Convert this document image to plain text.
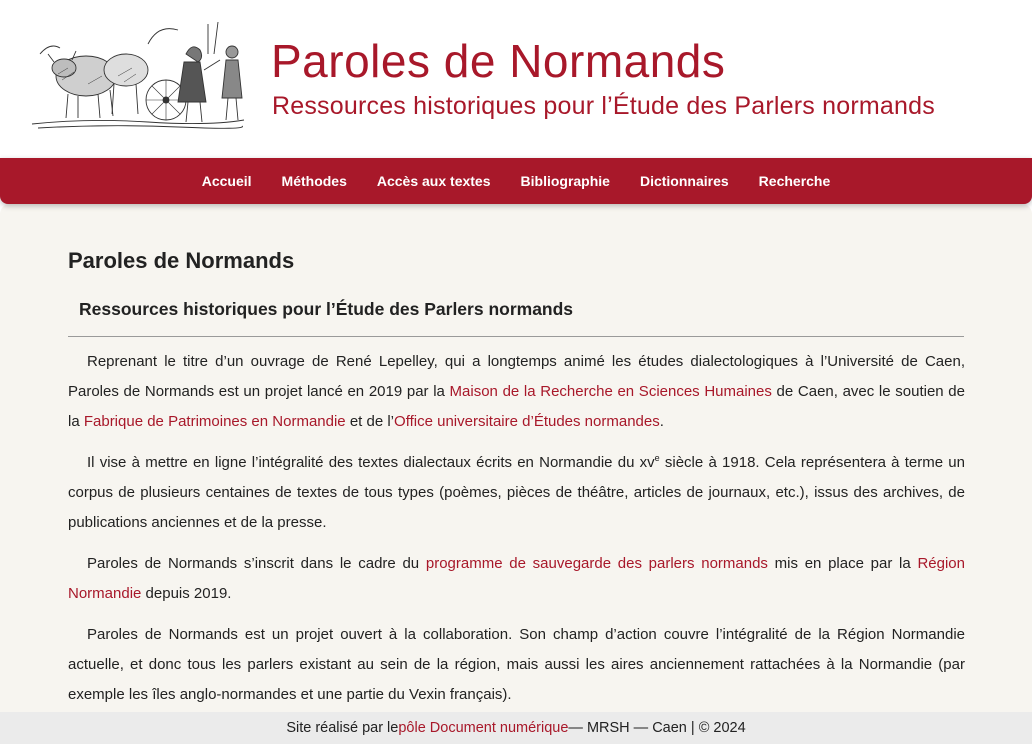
Paroles de Normands
Ressources historiques pour l’Étude des Parlers normands
Accueil	Méthodes	Accès aux textes	Bibliographie	Dictionnaires	Recherche
Paroles de Normands
Ressources historiques pour l’Étude des Parlers normands

Reprenant le titre d’un ouvrage de René Lepelley, qui a longtemps animé les études dialectologiques à l’Université de Caen, Paroles de Normands est un projet lancé en 2019 par la Maison de la Recherche en Sciences Humaines de Caen, avec le soutien de la Fabrique de Patrimoines en Normandie et de l’Office universitaire d’Études normandes.

Il vise à mettre en ligne l’intégralité des textes dialectaux écrits en Normandie du $xv^e$ siècle à 1918. Cela représentera à terme un corpus de plusieurs centaines de textes de tous types (poèmes, pièces de théâtre, articles de journaux, etc.), issus des archives, de publications anciennes et de la presse.

Paroles de Normands s’inscrit dans le cadre du programme de sauvegarde des parlers normands mis en place par la Région Normandie depuis 2019.

Paroles de Normands est un projet ouvert à la collaboration. Son champ d’action couvre l’intégralité de la Région Normandie actuelle, et donc tous les parlers existant au sein de la région, mais aussi les aires anciennement rattachées à la Normandie (par exemple les îles anglo-normandes et une partie du Vexin français).

Site réalisé par le pôle Document numérique — MRSH — Caen | © 2024
